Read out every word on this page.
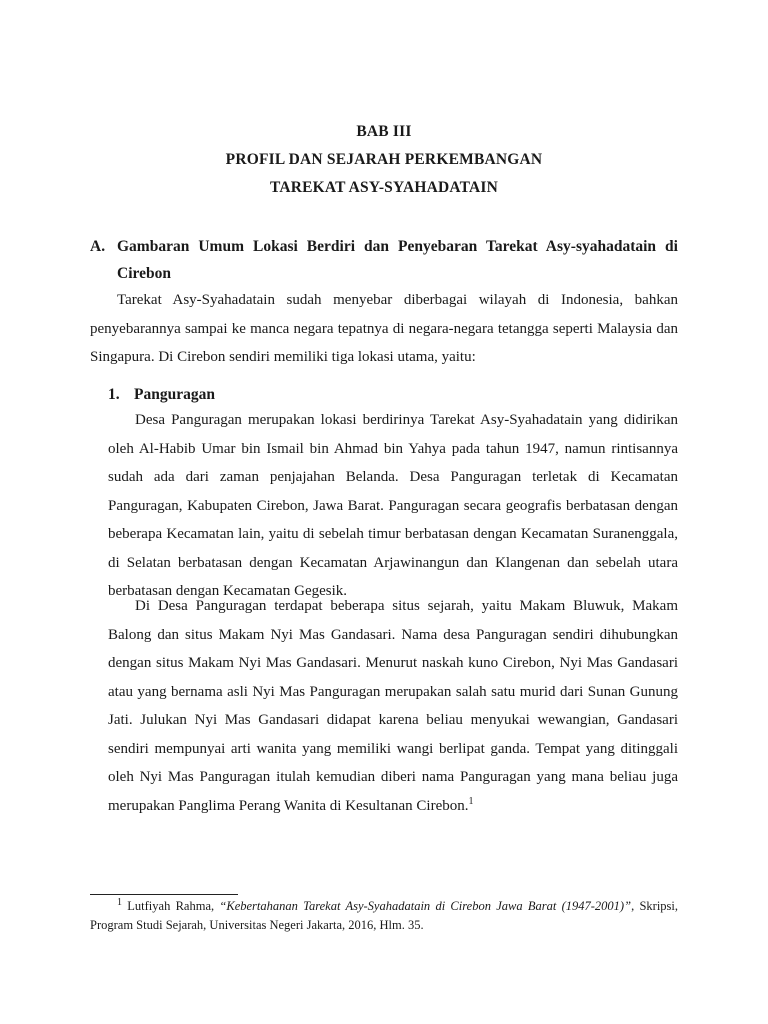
BAB III
PROFIL DAN SEJARAH PERKEMBANGAN
TAREKAT ASY-SYAHADATAIN
A. Gambaran Umum Lokasi Berdiri dan Penyebaran Tarekat Asy-syahadatain di Cirebon

Tarekat Asy-Syahadatain sudah menyebar diberbagai wilayah di Indonesia, bahkan penyebarannya sampai ke manca negara tepatnya di negara-negara tetangga seperti Malaysia dan Singapura. Di Cirebon sendiri memiliki tiga lokasi utama, yaitu:

1. Panguragan

Desa Panguragan merupakan lokasi berdirinya Tarekat Asy-Syahadatain yang didirikan oleh Al-Habib Umar bin Ismail bin Ahmad bin Yahya pada tahun 1947, namun rintisannya sudah ada dari zaman penjajahan Belanda. Desa Panguragan terletak di Kecamatan Panguragan, Kabupaten Cirebon, Jawa Barat. Panguragan secara geografis berbatasan dengan beberapa Kecamatan lain, yaitu di sebelah timur berbatasan dengan Kecamatan Suranenggala, di Selatan berbatasan dengan Kecamatan Arjawinangun dan Klangenan dan sebelah utara berbatasan dengan Kecamatan Gegesik.

Di Desa Panguragan terdapat beberapa situs sejarah, yaitu Makam Bluwuk, Makam Balong dan situs Makam Nyi Mas Gandasari. Nama desa Panguragan sendiri dihubungkan dengan situs Makam Nyi Mas Gandasari. Menurut naskah kuno Cirebon, Nyi Mas Gandasari atau yang bernama asli Nyi Mas Panguragan merupakan salah satu murid dari Sunan Gunung Jati. Julukan Nyi Mas Gandasari didapat karena beliau menyukai wewangian, Gandasari sendiri mempunyai arti wanita yang memiliki wangi berlipat ganda. Tempat yang ditinggali oleh Nyi Mas Panguragan itulah kemudian diberi nama Panguragan yang mana beliau juga merupakan Panglima Perang Wanita di Kesultanan Cirebon.$^1$

$^1$ Lutfiyah Rahma, “Kebertahanan Tarekat Asy-Syahadatain di Cirebon Jawa Barat (1947-2001)”, Skripsi, Program Studi Sejarah, Universitas Negeri Jakarta, 2016, Hlm. 35.
